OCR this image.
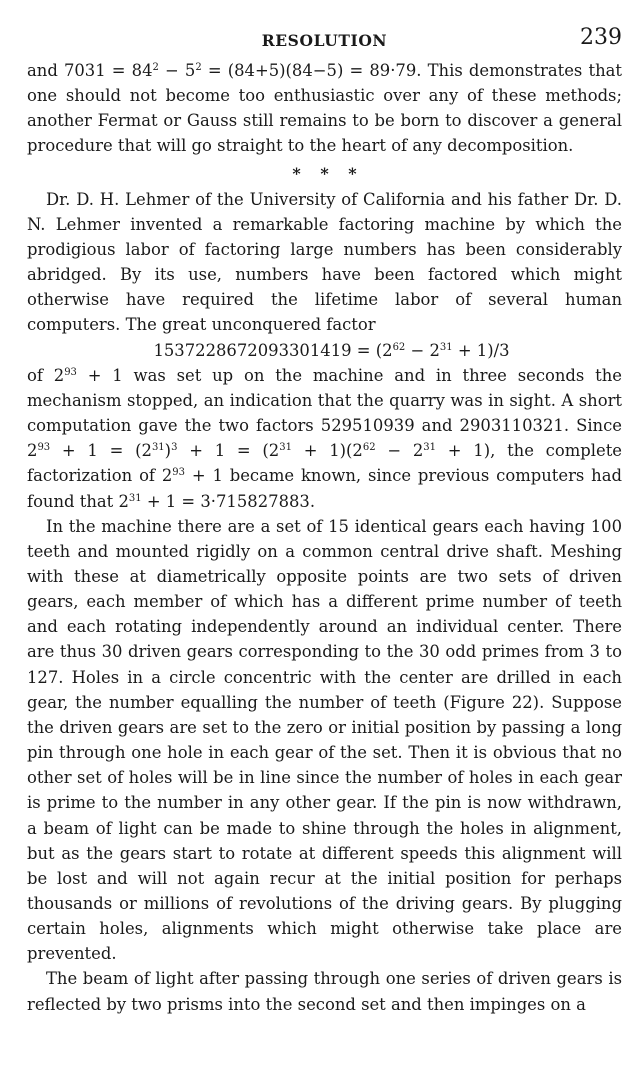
RESOLUTION	239

and $7031 = 84^2 - 5^2 = (84+5)(84-5) = 89\cdot 79$. This demonstrates that one should not become too enthusiastic over any of these methods; another Fermat or Gauss still remains to be born to discover a general procedure that will go straight to the heart of any decomposition.

* * *

Dr. D. H. Lehmer of the University of California and his father Dr. D. N. Lehmer invented a remarkable factoring machine by which the prodigious labor of factoring large numbers has been considerably abridged. By its use, numbers have been factored which might otherwise have required the lifetime labor of several human computers. The great unconquered factor

$1537228672093301419 = (2^{62} - 2^{31} + 1)/3$

of $2^{93} + 1$ was set up on the machine and in three seconds the mechanism stopped, an indication that the quarry was in sight. A short computation gave the two factors 529510939 and 2903110321. Since $2^{93} + 1 = (2^{31})^3 + 1 = (2^{31} + 1)(2^{62} - 2^{31} + 1)$, the complete factorization of $2^{93} + 1$ became known, since previous computers had found that $2^{31} + 1 = 3\cdot 715827883$.

In the machine there are a set of 15 identical gears each having 100 teeth and mounted rigidly on a common central drive shaft. Meshing with these at diametrically opposite points are two sets of driven gears, each member of which has a different prime number of teeth and each rotating independently around an individual center. There are thus 30 driven gears corresponding to the 30 odd primes from 3 to 127. Holes in a circle concentric with the center are drilled in each gear, the number equalling the number of teeth (Figure 22). Suppose the driven gears are set to the zero or initial position by passing a long pin through one hole in each gear of the set. Then it is obvious that no other set of holes will be in line since the number of holes in each gear is prime to the number in any other gear. If the pin is now withdrawn, a beam of light can be made to shine through the holes in alignment, but as the gears start to rotate at different speeds this alignment will be lost and will not again recur at the initial position for perhaps thousands or millions of revolutions of the driving gears. By plugging certain holes, alignments which might otherwise take place are prevented.

The beam of light after passing through one series of driven gears is reflected by two prisms into the second set and then impinges on a
